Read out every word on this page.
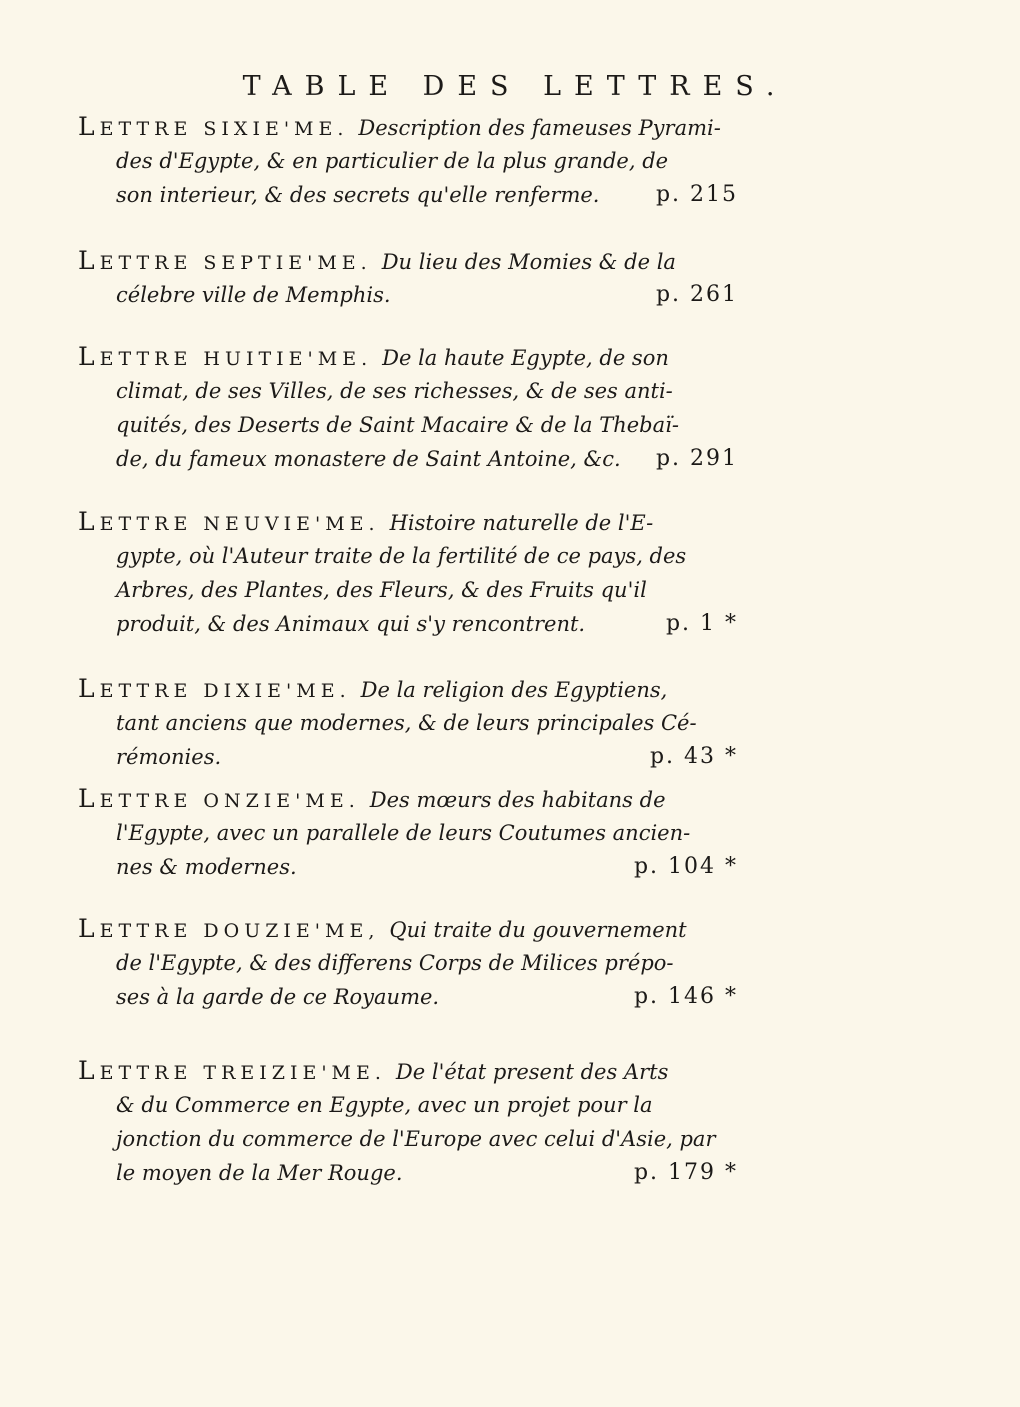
TABLE DES LETTRES.
LETTRE SIXIE'ME. Description des fameuses Pyrami-
des d'Egypte, & en particulier de la plus grande, de
son interieur, & des secrets qu'elle renferme.	p. 215
LETTRE SEPTIE'ME. Du lieu des Momies & de la
célebre ville de Memphis.	p. 261
LETTRE HUITIE'ME. De la haute Egypte, de son
climat, de ses Villes, de ses richesses, & de ses anti-
quités, des Deserts de Saint Macaire & de la Thebaï-
de, du fameux monastere de Saint Antoine, &c. p. 291
LETTRE NEUVIE'ME. Histoire naturelle de l'E-
gypte, où l'Auteur traite de la fertilité de ce pays, des
Arbres, des Plantes, des Fleurs, & des Fruits qu'il
produit, & des Animaux qui s'y rencontrent.	p. 1 *
LETTRE DIXIE'ME. De la religion des Egyptiens,
tant anciens que modernes, & de leurs principales Cé-
rémonies.	p. 43 *
LETTRE ONZIE'ME. Des mœurs des habitans de
l'Egypte, avec un parallele de leurs Coutumes ancien-
nes & modernes.	p. 104 *
LETTRE DOUZIE'ME, Qui traite du gouvernement
de l'Egypte, & des differens Corps de Milices prépo-
ses à la garde de ce Royaume.	p. 146 *
LETTRE TREIZIE'ME. De l'état present des Arts
& du Commerce en Egypte, avec un projet pour la
jonction du commerce de l'Europe avec celui d'Asie, par
le moyen de la Mer Rouge.	p. 179 *
